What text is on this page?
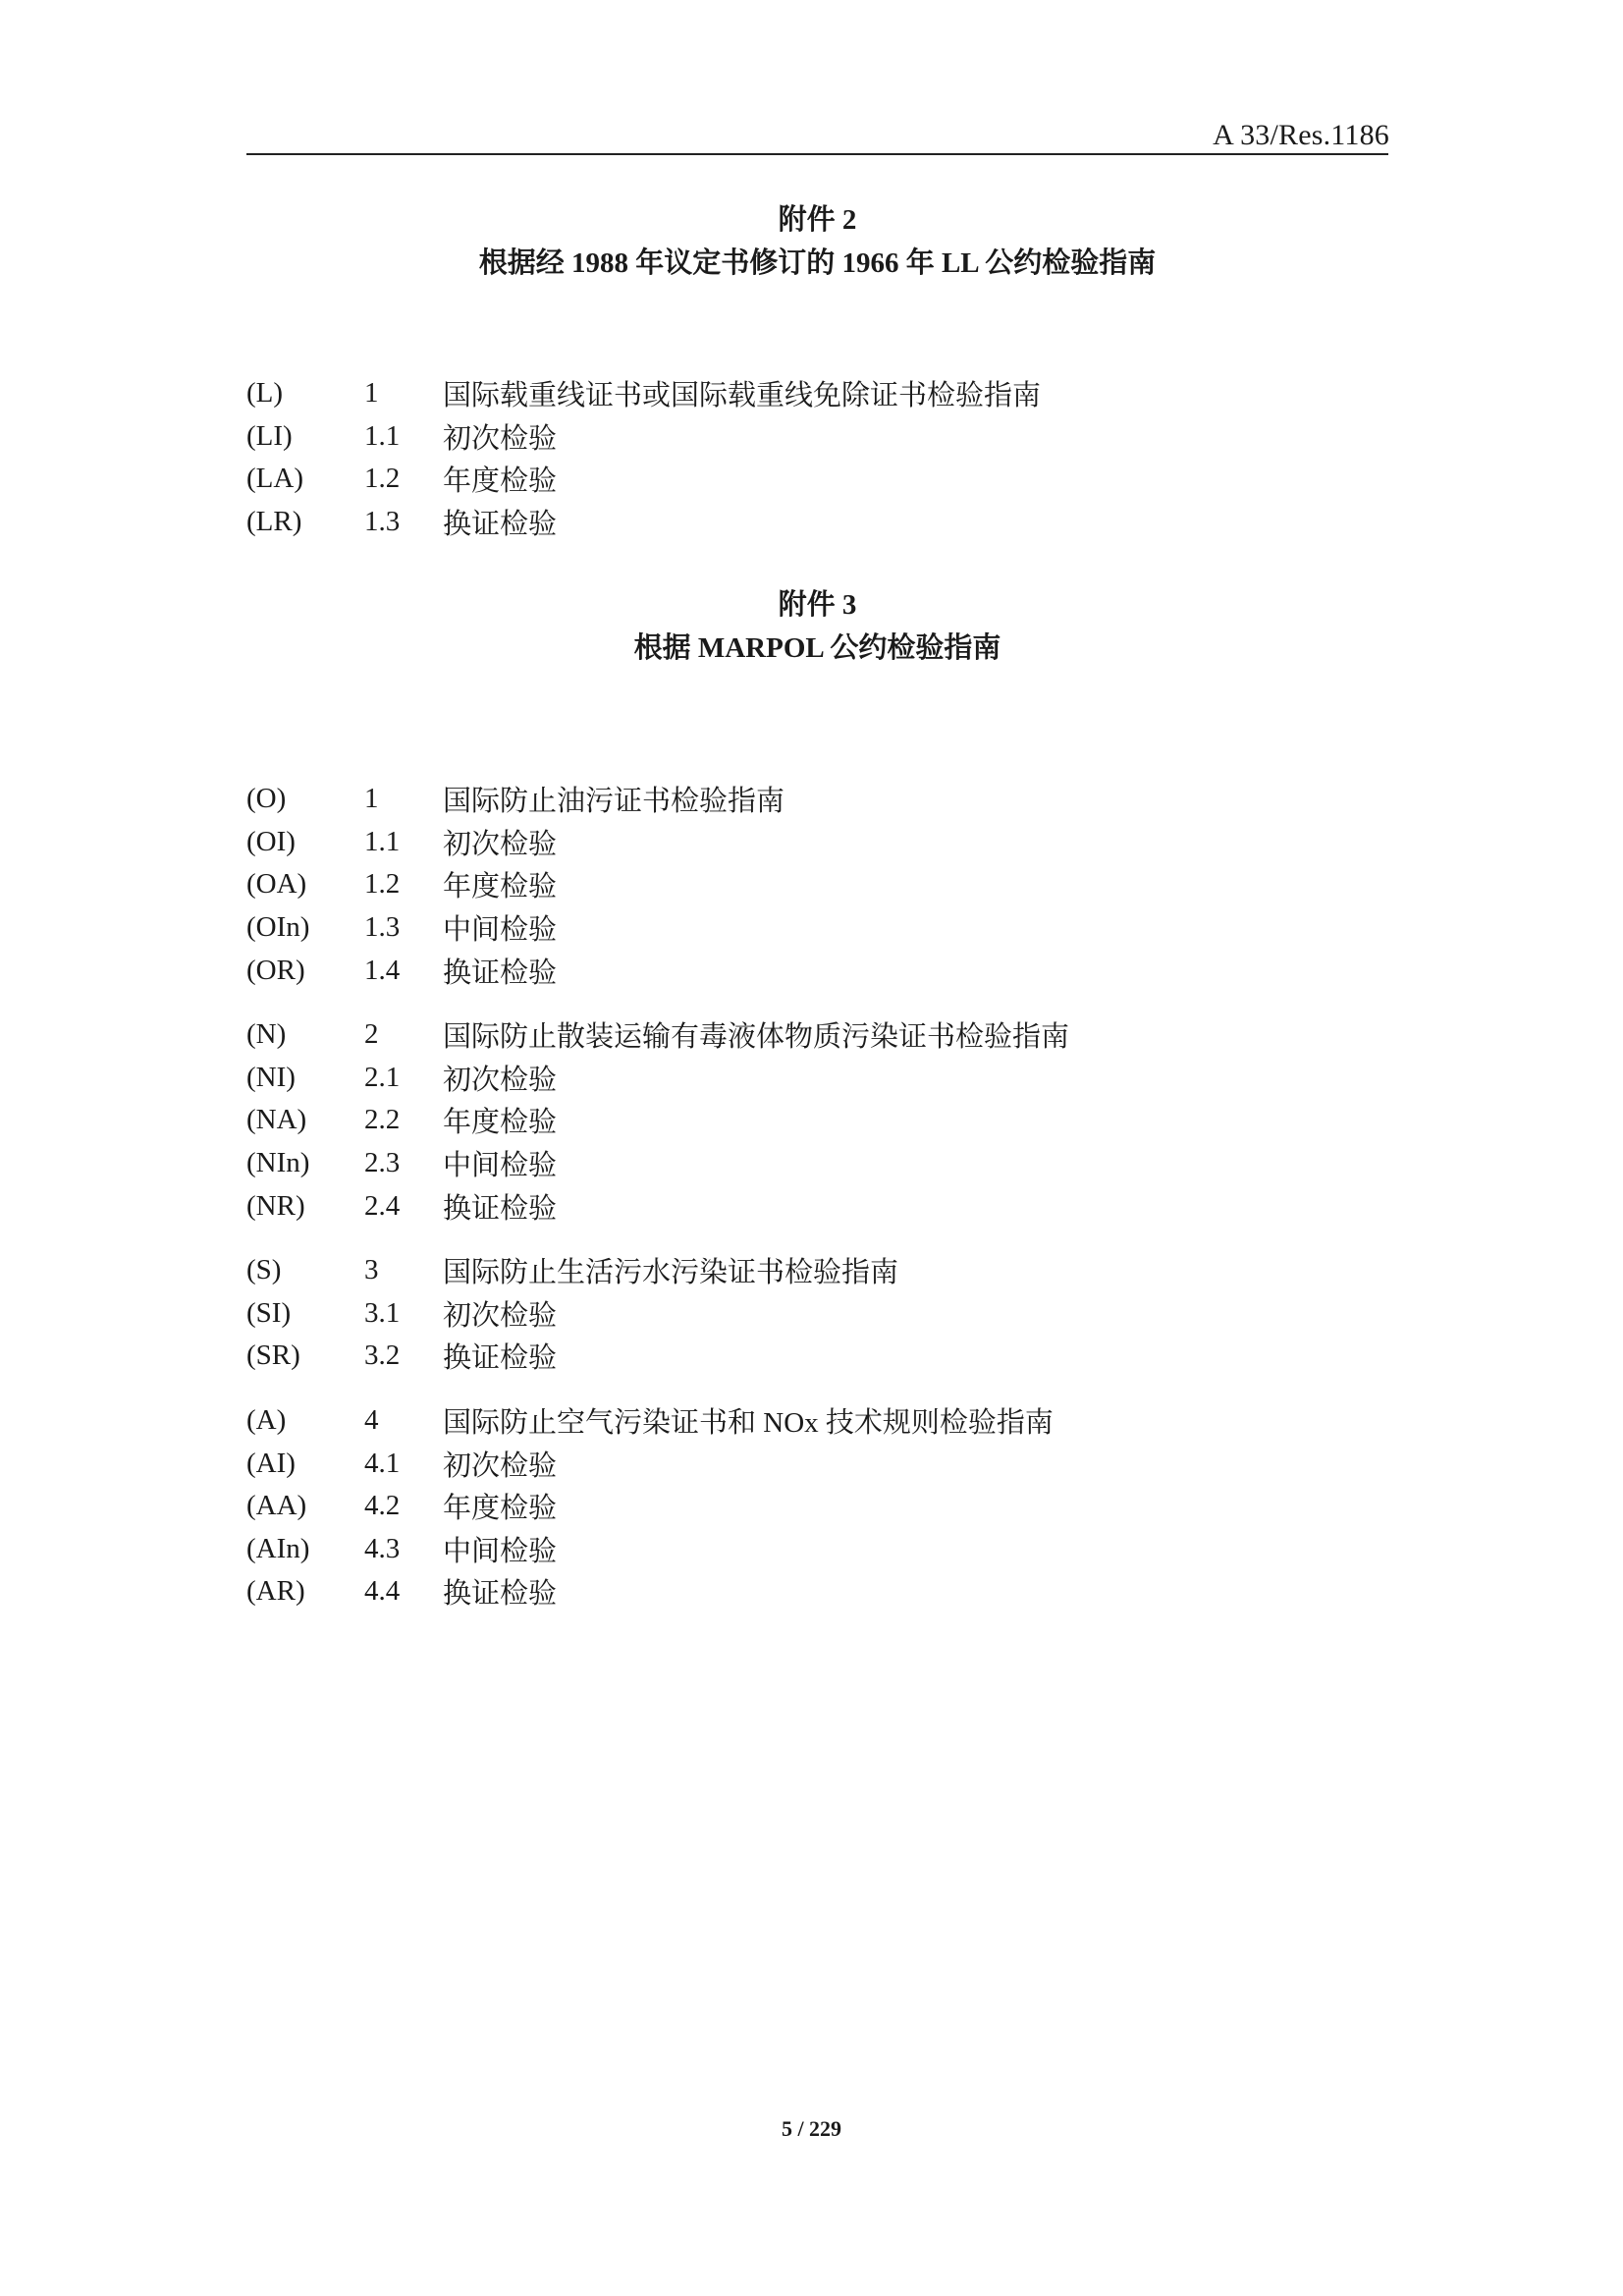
A 33/Res.1186
附件 2
根据经 1988 年议定书修订的 1966 年 LL 公约检验指南
(L)	1	国际载重线证书或国际载重线免除证书检验指南
(LI)	1.1	初次检验
(LA)	1.2	年度检验
(LR)	1.3	换证检验
附件 3
根据 MARPOL 公约检验指南
(O)	1	国际防止油污证书检验指南
(OI)	1.1	初次检验
(OA)	1.2	年度检验
(OIn)	1.3	中间检验
(OR)	1.4	换证检验
(N)	2	国际防止散装运输有毒液体物质污染证书检验指南
(NI)	2.1	初次检验
(NA)	2.2	年度检验
(NIn)	2.3	中间检验
(NR)	2.4	换证检验
(S)	3	国际防止生活污水污染证书检验指南
(SI)	3.1	初次检验
(SR)	3.2	换证检验
(A)	4	国际防止空气污染证书和 NOx 技术规则检验指南
(AI)	4.1	初次检验
(AA)	4.2	年度检验
(AIn)	4.3	中间检验
(AR)	4.4	换证检验
5 / 229
